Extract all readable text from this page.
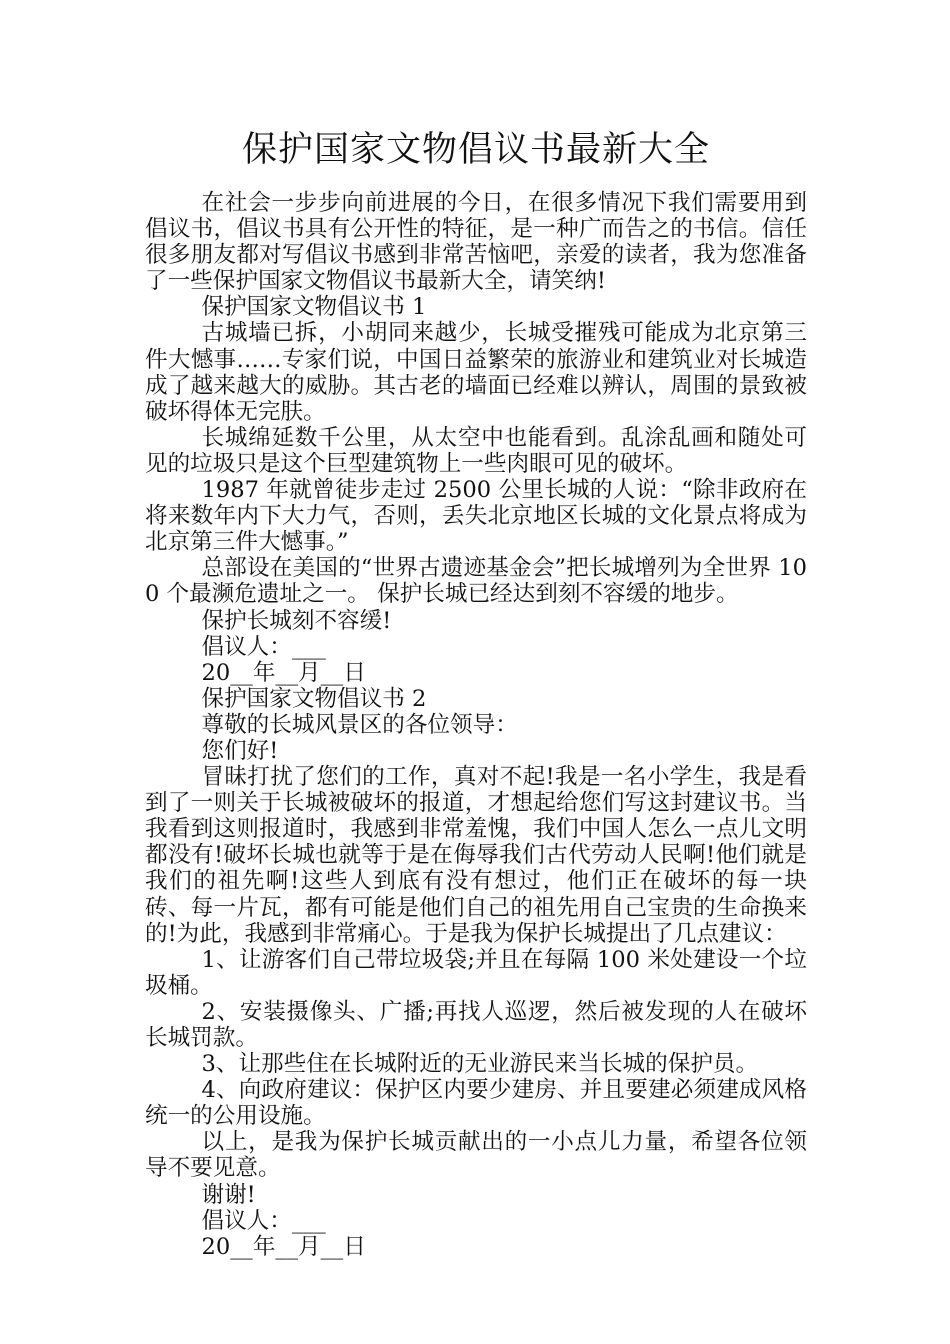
保护国家文物倡议书最新大全

在社会一步步向前进展的今日，在很多情况下我们需要用到倡议书，倡议书具有公开性的特征，是一种广而告之的书信。信任很多朋友都对写倡议书感到非常苦恼吧，亲爱的读者，我为您准备了一些保护国家文物倡议书最新大全，请笑纳!

保护国家文物倡议书 1

古城墙已拆，小胡同来越少，长城受摧残可能成为北京第三件大憾事……专家们说，中国日益繁荣的旅游业和建筑业对长城造成了越来越大的威胁。其古老的墙面已经难以辨认，周围的景致被破坏得体无完肤。

长城绵延数千公里，从太空中也能看到。乱涂乱画和随处可见的垃圾只是这个巨型建筑物上一些肉眼可见的破坏。

1987 年就曾徒步走过 2500 公里长城的人说：“除非政府在将来数年内下大力气，否则，丢失北京地区长城的文化景点将成为北京第三件大憾事。”

总部设在美国的“世界古遗迹基金会”把长城增列为全世界 100 个最濒危遗址之一。 保护长城已经达到刻不容缓的地步。

保护长城刻不容缓!

倡议人：___

20__年__月__日

保护国家文物倡议书 2

尊敬的长城风景区的各位领导：

您们好!

冒昧打扰了您们的工作，真对不起!我是一名小学生，我是看到了一则关于长城被破坏的报道，才想起给您们写这封建议书。当我看到这则报道时，我感到非常羞愧，我们中国人怎么一点儿文明都没有!破坏长城也就等于是在侮辱我们古代劳动人民啊!他们就是我们的祖先啊!这些人到底有没有想过，他们正在破坏的每一块砖、每一片瓦，都有可能是他们自己的祖先用自己宝贵的生命换来的!为此，我感到非常痛心。于是我为保护长城提出了几点建议：

1、让游客们自己带垃圾袋;并且在每隔 100 米处建设一个垃圾桶。

2、安装摄像头、广播;再找人巡逻，然后被发现的人在破坏长城罚款。

3、让那些住在长城附近的无业游民来当长城的保护员。

4、向政府建议：保护区内要少建房、并且要建必须建成风格统一的公用设施。

以上，是我为保护长城贡献出的一小点儿力量，希望各位领导不要见意。

谢谢!

倡议人：___

20__年__月__日
